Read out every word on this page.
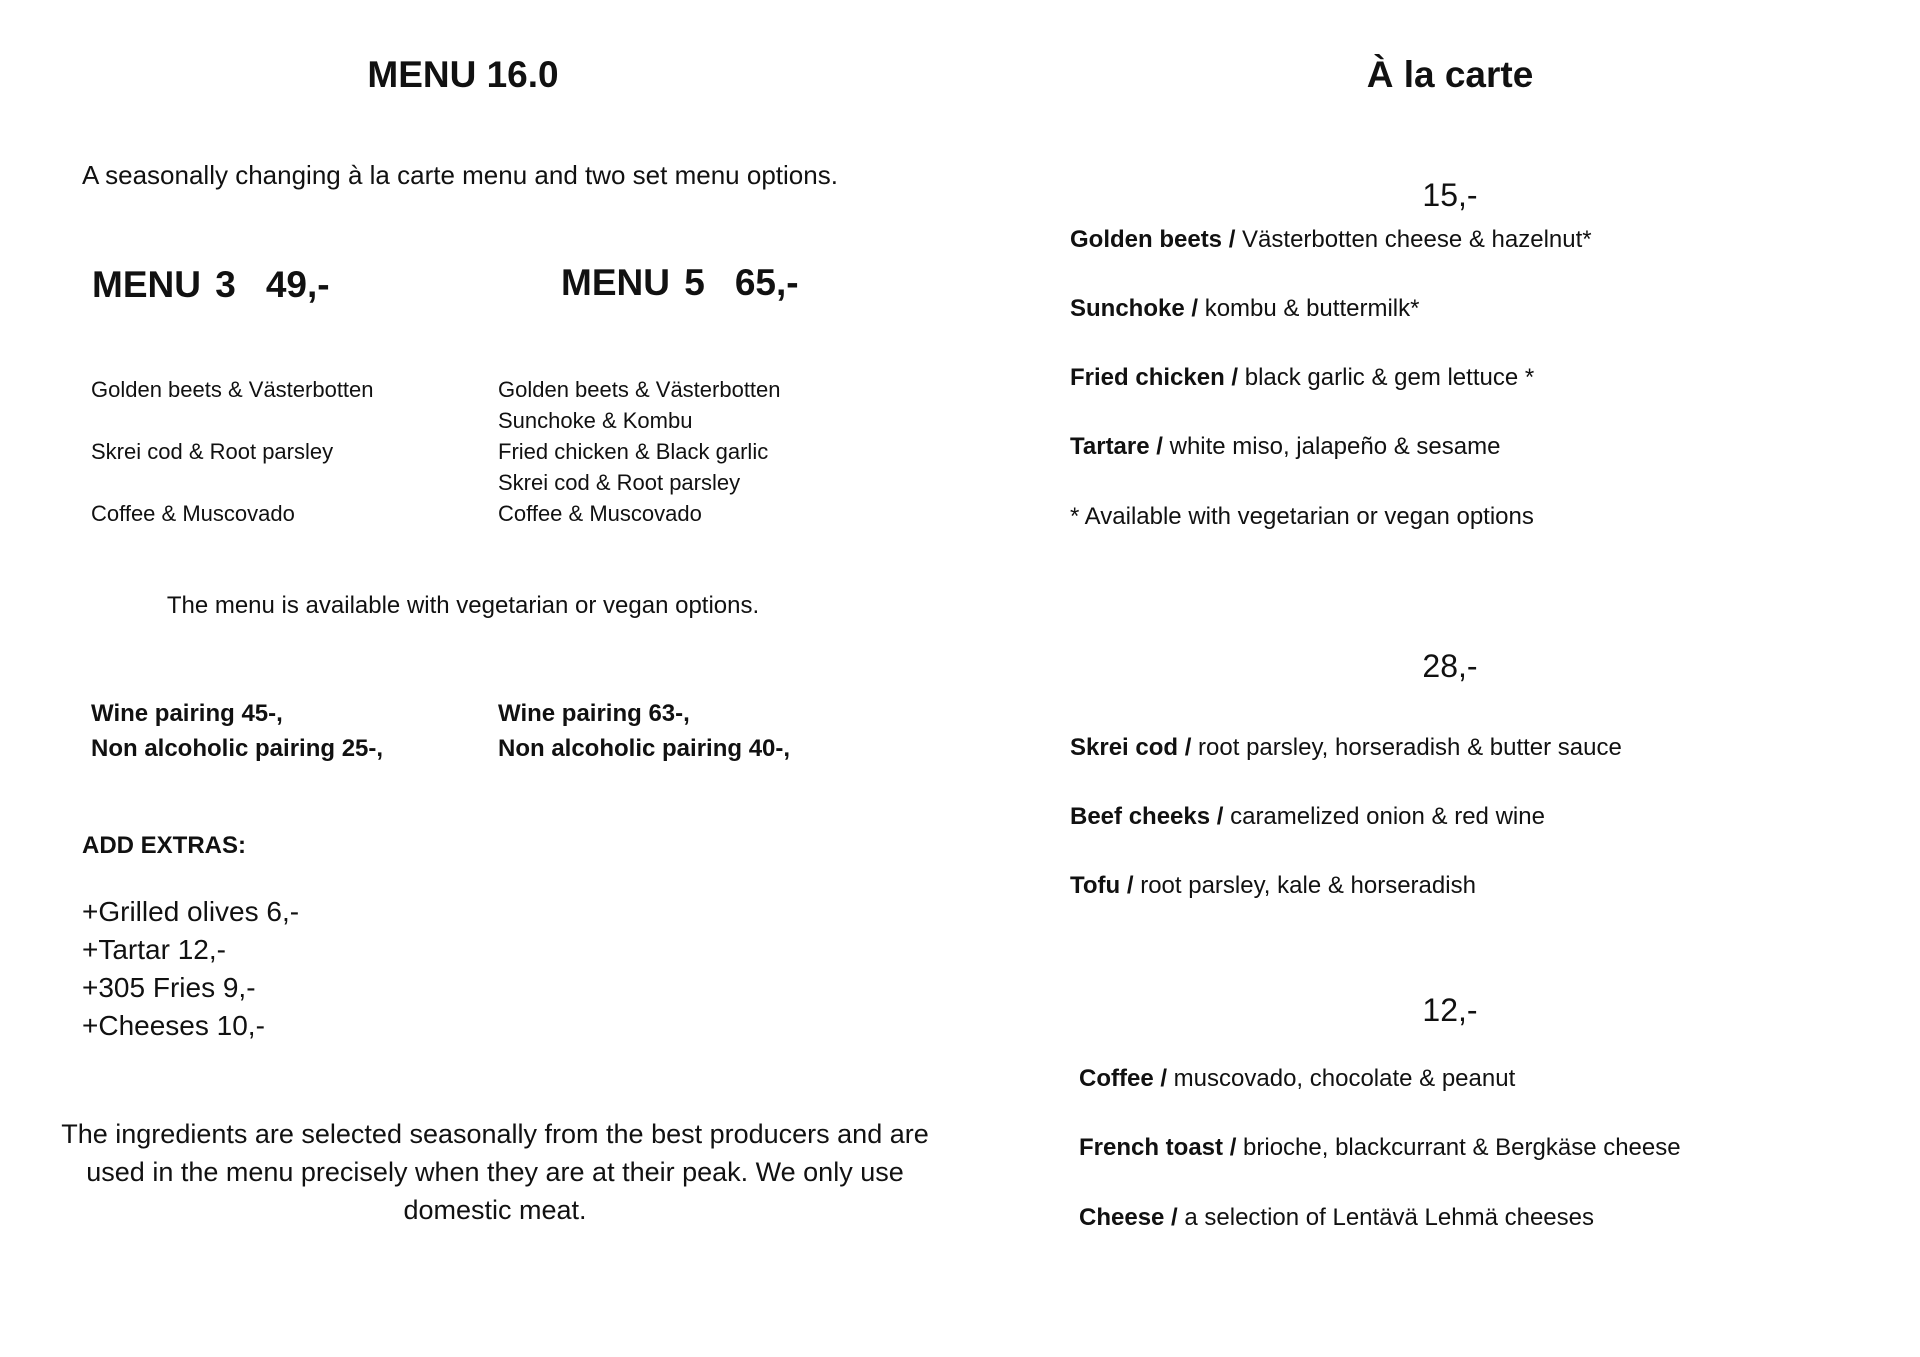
MENU 16.0
A seasonally changing à la carte menu and two set menu options.
MENU 3 49,-	MENU 5 65,-
Golden beets & Västerbotten
Skrei cod & Root parsley
Coffee & Muscovado
Golden beets & Västerbotten
Sunchoke & Kombu
Fried chicken & Black garlic
Skrei cod & Root parsley
Coffee & Muscovado
The menu is available with vegetarian or vegan options.
Wine pairing 45-,
Non alcoholic pairing 25-,
Wine pairing 63-,
Non alcoholic pairing 40-,
ADD EXTRAS:
+Grilled olives 6,-
+Tartar 12,-
+305 Fries 9,-
+Cheeses 10,-
The ingredients are selected seasonally from the best producers and are used in the menu precisely when they are at their peak. We only use domestic meat.
À la carte
15,-
Golden beets / Västerbotten cheese & hazelnut*
Sunchoke / kombu & buttermilk*
Fried chicken / black garlic & gem lettuce *
Tartare / white miso, jalapeño & sesame
* Available with vegetarian or vegan options
28,-
Skrei cod / root parsley, horseradish & butter sauce
Beef cheeks / caramelized onion & red wine
Tofu / root parsley, kale & horseradish
12,-
Coffee / muscovado, chocolate & peanut
French toast / brioche, blackcurrant & Bergkäse cheese
Cheese / a selection of Lentävä Lehmä cheeses
